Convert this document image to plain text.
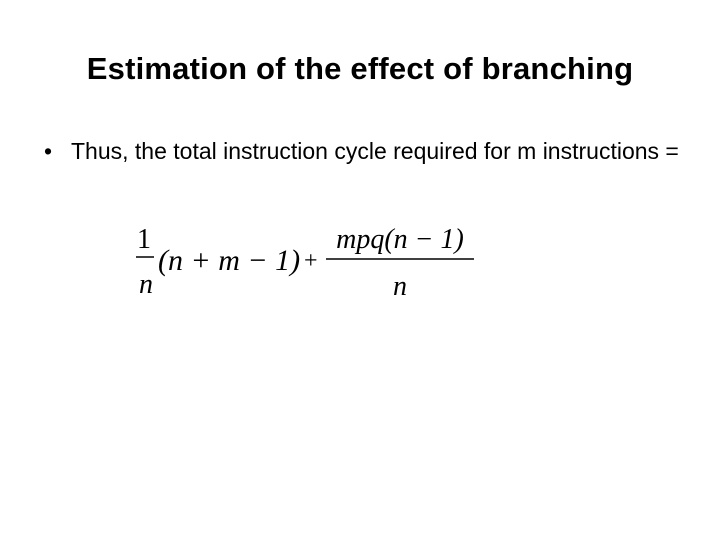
Estimation of the effect of branching
• Thus, the total instruction cycle required for m instructions =
1
n
(n + m − 1) +
mpq(n − 1)
n
